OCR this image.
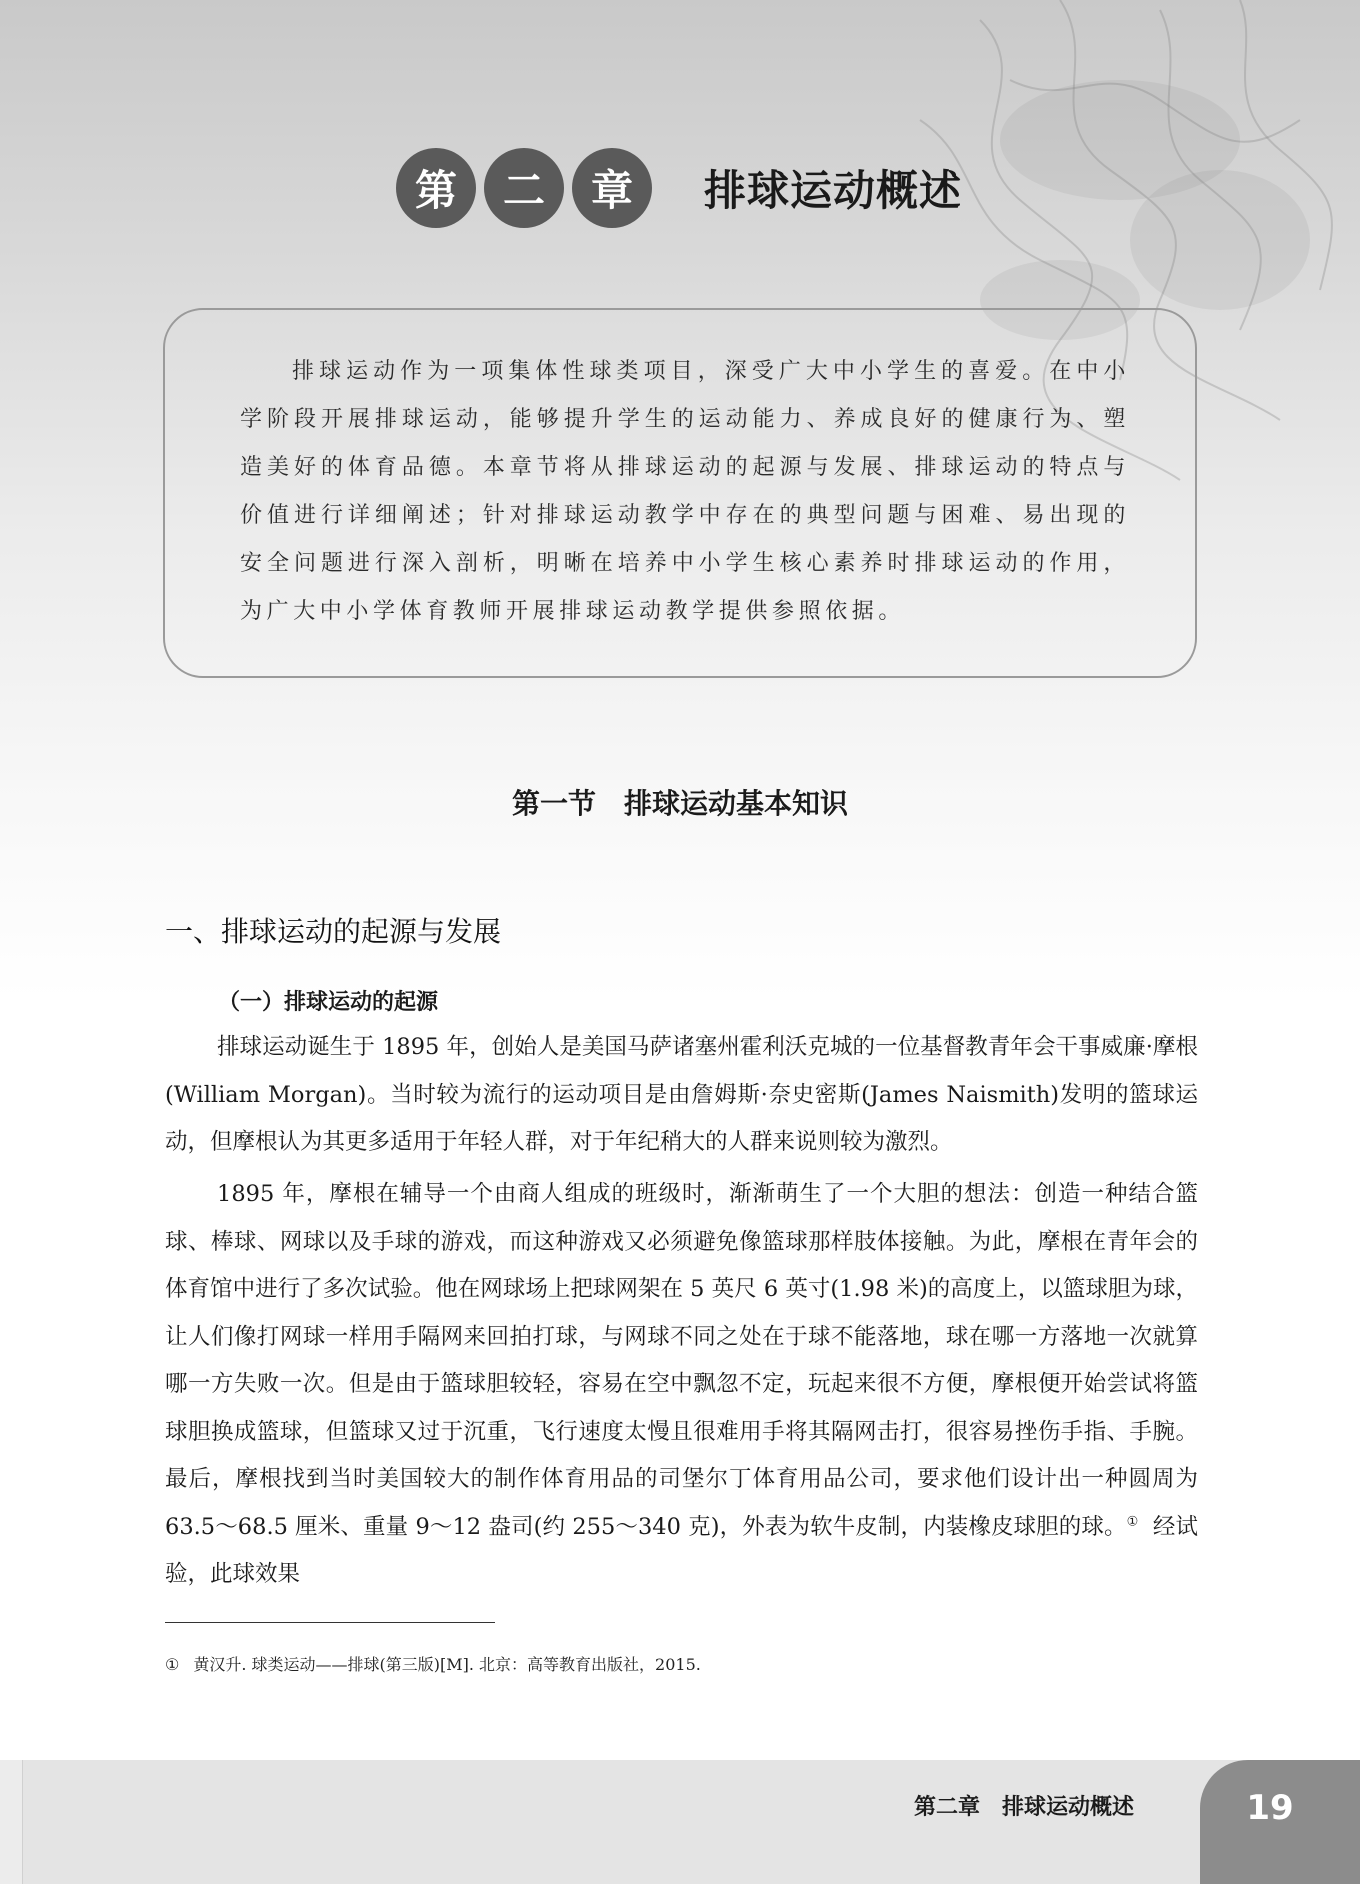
第	二	章	排球运动概述
排球运动作为一项集体性球类项目，深受广大中小学生的喜爱。在中小学阶段开展排球运动，能够提升学生的运动能力、养成良好的健康行为、塑造美好的体育品德。本章节将从排球运动的起源与发展、排球运动的特点与价值进行详细阐述；针对排球运动教学中存在的典型问题与困难、易出现的安全问题进行深入剖析，明晰在培养中小学生核心素养时排球运动的作用，为广大中小学体育教师开展排球运动教学提供参照依据。
第一节　排球运动基本知识
一、排球运动的起源与发展
（一）排球运动的起源

排球运动诞生于 1895 年，创始人是美国马萨诸塞州霍利沃克城的一位基督教青年会干事威廉·摩根(William Morgan)。当时较为流行的运动项目是由詹姆斯·奈史密斯(James Naismith)发明的篮球运动，但摩根认为其更多适用于年轻人群，对于年纪稍大的人群来说则较为激烈。

1895 年，摩根在辅导一个由商人组成的班级时，渐渐萌生了一个大胆的想法：创造一种结合篮球、棒球、网球以及手球的游戏，而这种游戏又必须避免像篮球那样肢体接触。为此，摩根在青年会的体育馆中进行了多次试验。他在网球场上把球网架在 5 英尺 6 英寸(1.98 米)的高度上，以篮球胆为球，让人们像打网球一样用手隔网来回拍打球，与网球不同之处在于球不能落地，球在哪一方落地一次就算哪一方失败一次。但是由于篮球胆较轻，容易在空中飘忽不定，玩起来很不方便，摩根便开始尝试将篮球胆换成篮球，但篮球又过于沉重，飞行速度太慢且很难用手将其隔网击打，很容易挫伤手指、手腕。最后，摩根找到当时美国较大的制作体育用品的司堡尔丁体育用品公司，要求他们设计出一种圆周为 63.5～68.5 厘米、重量 9～12 盎司(约 255～340 克)，外表为软牛皮制，内装橡皮球胆的球。① 经试验，此球效果

① 黄汉升. 球类运动——排球(第三版)[M]. 北京：高等教育出版社，2015.
第二章　排球运动概述	19
